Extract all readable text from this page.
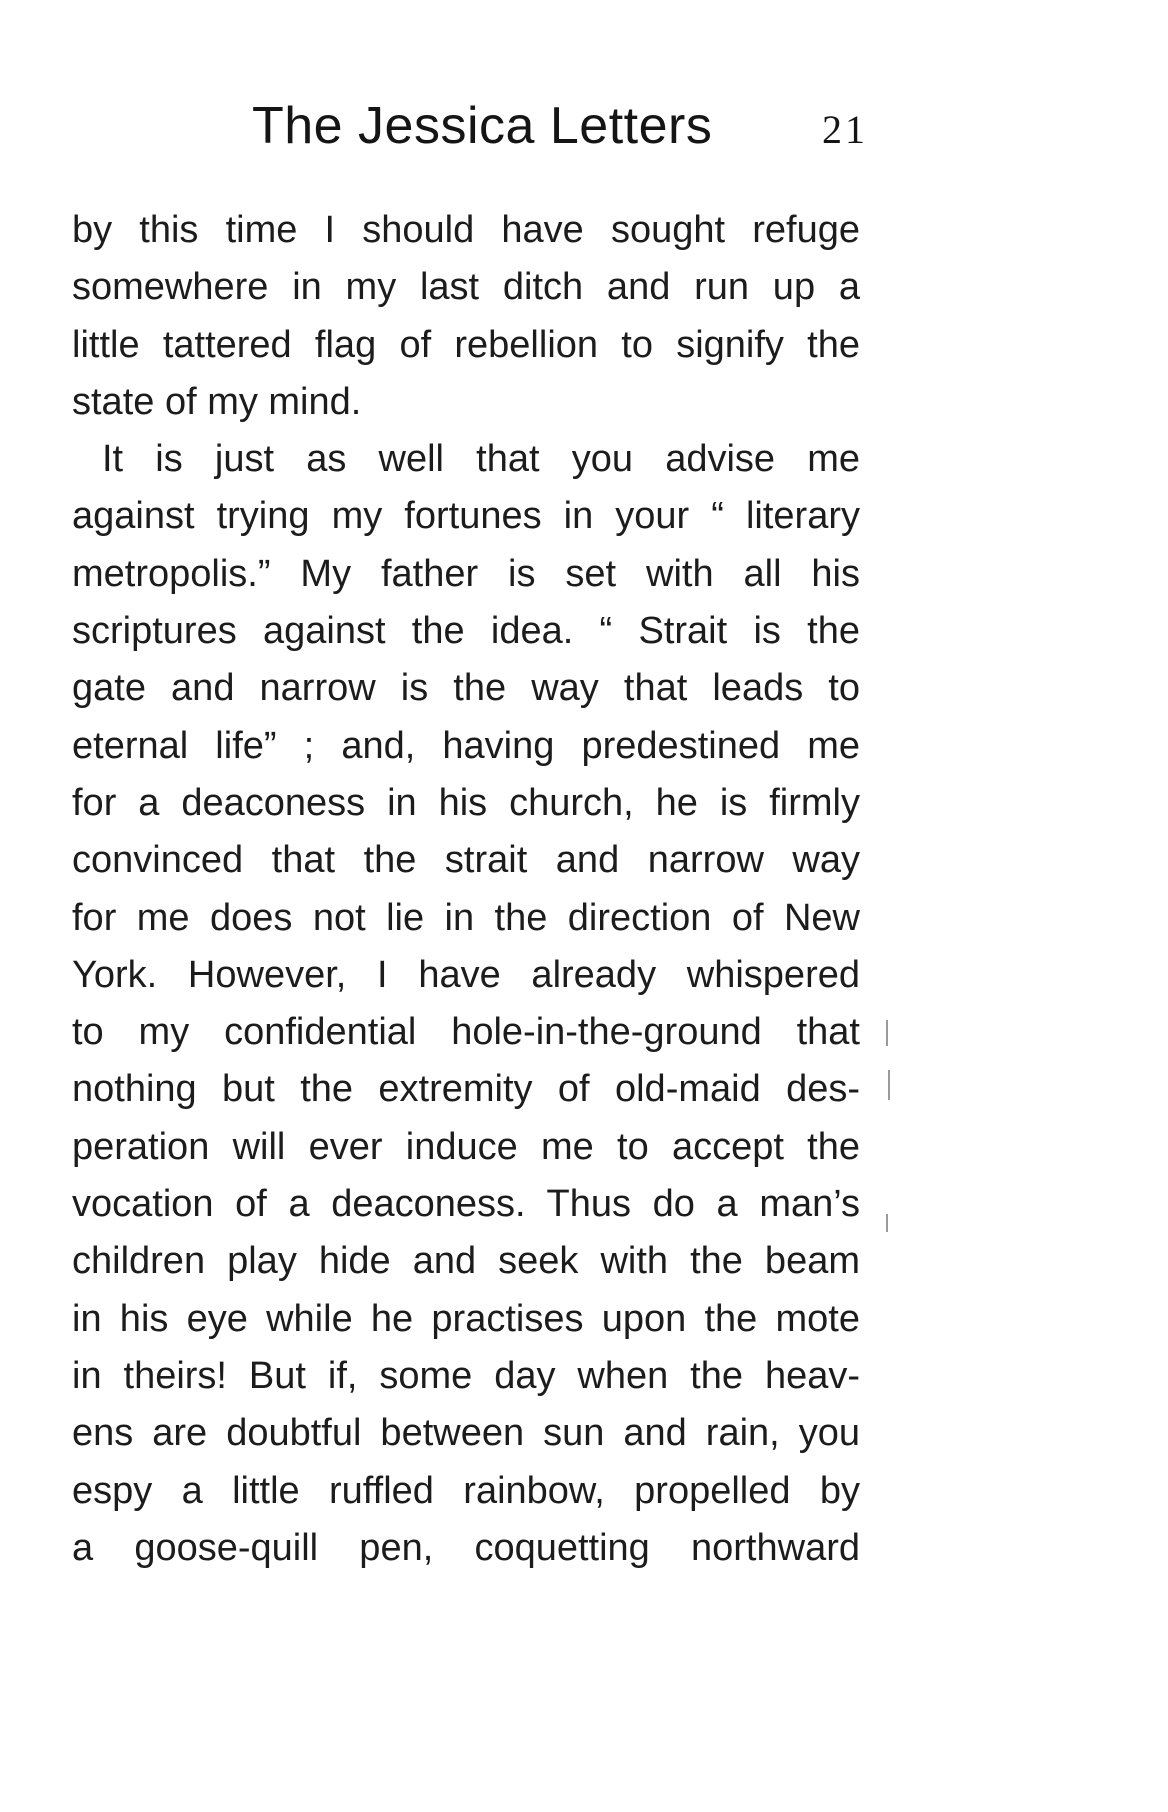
The Jessica Letters	21
by this time I should have sought refuge
somewhere in my last ditch and run up a
little tattered flag of rebellion to signify the
state of my mind.
It is just as well that you advise me
against trying my fortunes in your “ literary
metropolis.” My father is set with all his
scriptures against the idea. “ Strait is the
gate and narrow is the way that leads to
eternal life” ; and, having predestined me
for a deaconess in his church, he is firmly
convinced that the strait and narrow way
for me does not lie in the direction of New
York. However, I have already whispered
to my confidential hole-in-the-ground that
nothing but the extremity of old-maid des-
peration will ever induce me to accept the
vocation of a deaconess. Thus do a man’s
children play hide and seek with the beam
in his eye while he practises upon the mote
in theirs! But if, some day when the heav-
ens are doubtful between sun and rain, you
espy a little ruffled rainbow, propelled by
a goose-quill pen, coquetting northward
